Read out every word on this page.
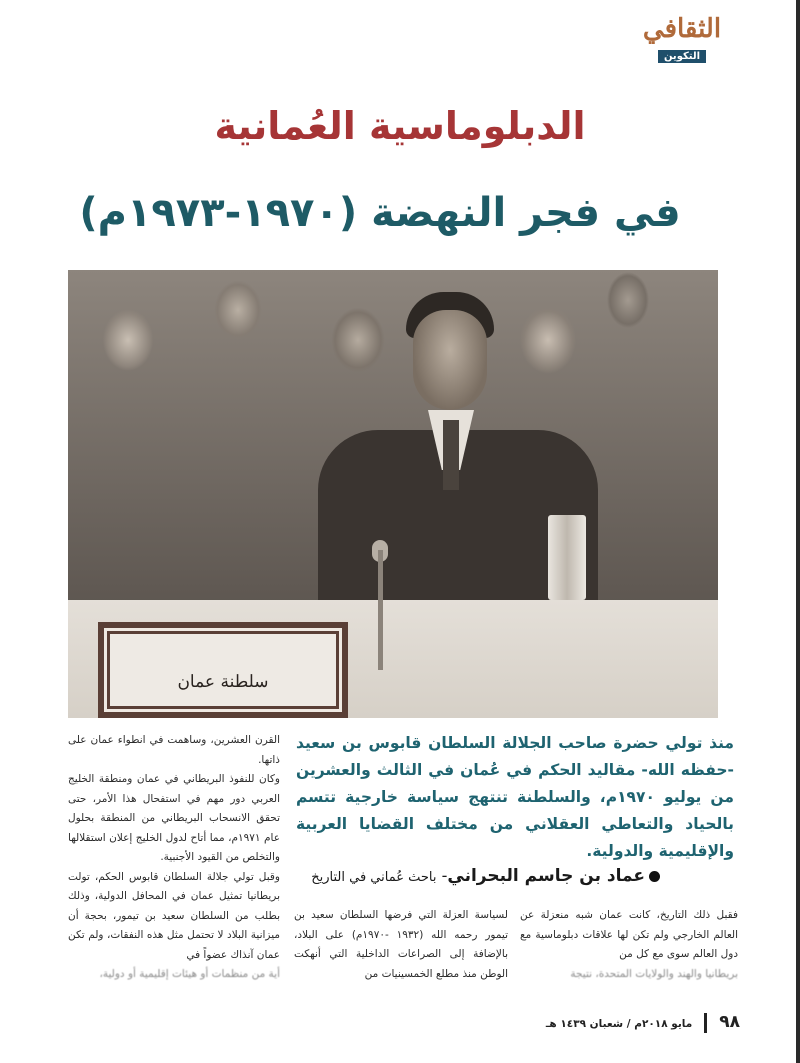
الثقافي
التكوين
الدبلوماسية العُمانية
في فجر النهضة (١٩٧٠-١٩٧٣م)
سلطنة عمان
منذ تولي حضرة صاحب الجلالة السلطان قابوس بن سعيد -حفظه الله- مقاليد الحكم في عُمان في الثالث والعشرين من يوليو ١٩٧٠م، والسلطنة تنتهج سياسة خارجية تتسم بالحياد والتعاطي العقلاني من مختلف القضايا العربية والإقليمية والدولية.
عماد بن جاسم البحراني- باحث عُماني في التاريخ

فقبل ذلك التاريخ، كانت عمان شبه منعزلة عن العالم الخارجي ولم تكن لها علاقات دبلوماسية مع دول العالم سوى مع كل من

بريطانيا والهند والولايات المتحدة، نتيجة

لسياسة العزلة التي فرضها السلطان سعيد بن تيمور رحمه الله (١٩٣٢ -١٩٧٠م) على البلاد، بالإضافة إلى الصراعات الداخلية التي أنهكت الوطن منذ مطلع الخمسينيات من

القرن العشرين، وساهمت في انطواء عمان على ذاتها.

وكان للنفوذ البريطاني في عمان ومنطقة الخليج العربي دور مهم في استفحال هذا الأمر، حتى تحقق الانسحاب البريطاني من المنطقة بحلول عام ١٩٧١م، مما أتاح لدول الخليج إعلان استقلالها والتخلص من القيود الأجنبية.

وقبل تولي جلالة السلطان قابوس الحكم، تولت بريطانيا تمثيل عمان في المحافل الدولية، وذلك بطلب من السلطان سعيد بن تيمور، بحجة أن ميزانية البلاد لا تحتمل مثل هذه النفقات، ولم تكن عمان آنذاك عضواً في

أية من منظمات أو هيئات إقليمية أو دولية،

٩٨مايو ٢٠١٨م / شعبان ١٤٣٩ هـ
